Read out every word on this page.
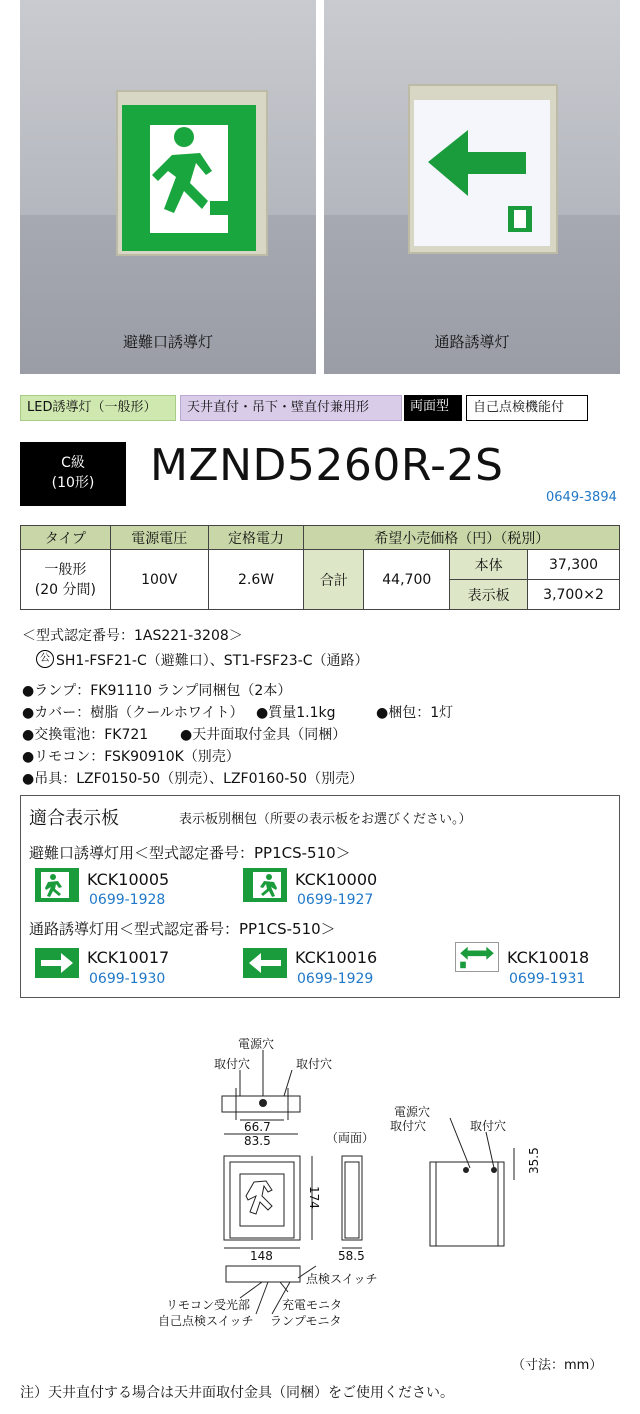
避難口誘導灯	通路誘導灯
LED誘導灯（一般形）	天井直付・吊下・壁直付兼用形	両面型	自己点検機能付
C級
(10形)	MZND5260R-2S
0649-3894
タイプ	電源電圧	定格電力	希望小売価格（円）（税別）			

一般形
(20 分間)	100V	2.6W	合計	44,700	本体	37,300
					表示板	3,700×2
＜型式認定番号：1AS221-3208＞
公 SH1-FSF21-C（避難口）、ST1-FSF23-C（通路）
●ランプ：FK91110 ランプ同梱包（2本）
●カバー：樹脂（クールホワイト） ●質量1.1kg	●梱包：1灯
●交換電池：FK721 ●天井面取付金具（同梱）
●リモコン：FSK90910K（別売）
●吊具：LZF0150-50（別売）、LZF0160-50（別売）
適合表示板	表示板別梱包（所要の表示板をお選びください。）
避難口誘導灯用＜型式認定番号：PP1CS-510＞
KCK10005
0699-1928
KCK10000
0699-1927
通路誘導灯用＜型式認定番号：PP1CS-510＞
KCK10017
0699-1930
KCK10016
0699-1929
KCK10018
0699-1931
電源穴
取付穴	取付穴
66.7
83.5	（両面）
174
148	58.5
電源穴
取付穴	取付穴
35.5
点検スイッチ
リモコン受光部	充電モニタ
自己点検スイッチ ランプモニタ
（寸法：mm）
注）天井直付する場合は天井面取付金具（同梱）をご使用ください。
